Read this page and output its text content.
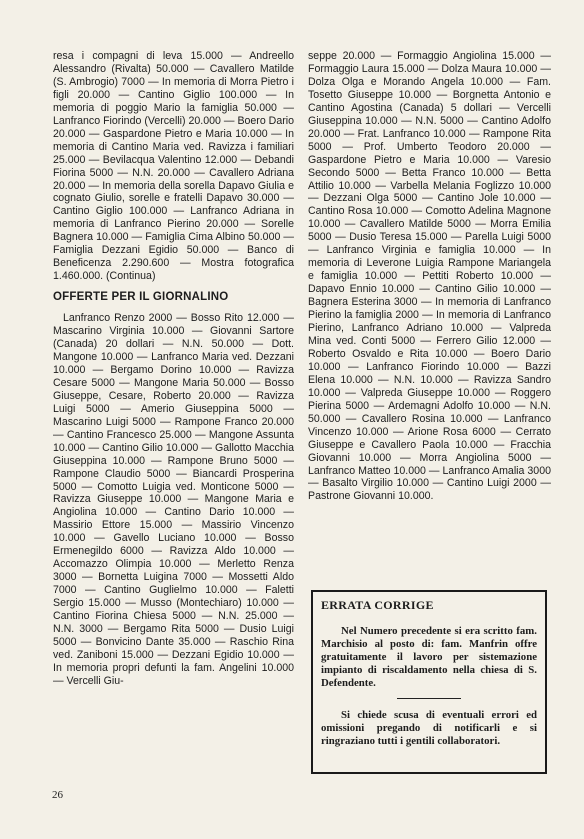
resa i compagni di leva 15.000 — Andreello Alessandro (Rivalta) 50.000 — Cavallero Matilde (S. Ambrogio) 7000 — In memoria di Morra Pietro i figli 20.000 — Cantino Giglio 100.000 — In memoria di poggio Mario la famiglia 50.000 — Lanfranco Fiorindo (Vercelli) 20.000 — Boero Dario 20.000 — Gaspardone Pietro e Maria 10.000 — In memoria di Cantino Maria ved. Ravizza i familiari 25.000 — Bevilacqua Valentino 12.000 — Debandi Fiorina 5000 — N.N. 20.000 — Cavallero Adriana 20.000 — In memoria della sorella Dapavo Giulia e cognato Giulio, sorelle e fratelli Dapavo 30.000 — Cantino Giglio 100.000 — Lanfranco Adriana in memoria di Lanfranco Pierino 20.000 — Sorelle Bagnera 10.000 — Famiglia Cima Albino 50.000 — Famiglia Dezzani Egidio 50.000 — Banco di Beneficenza 2.290.600 — Mostra fotografica 1.460.000. (Continua)

OFFERTE PER IL GIORNALINO

Lanfranco Renzo 2000 — Bosso Rito 12.000 — Mascarino Virginia 10.000 — Giovanni Sartore (Canada) 20 dollari — N.N. 50.000 — Dott. Mangone 10.000 — Lanfranco Maria ved. Dezzani 10.000 — Bergamo Dorino 10.000 — Ravizza Cesare 5000 — Mangone Maria 50.000 — Bosso Giuseppe, Cesare, Roberto 20.000 — Ravizza Luigi 5000 — Amerio Giuseppina 5000 — Mascarino Luigi 5000 — Rampone Franco 20.000 — Cantino Francesco 25.000 — Mangone Assunta 10.000 — Cantino Gilio 10.000 — Gallotto Macchia Giuseppina 10.000 — Rampone Bruno 5000 — Rampone Claudio 5000 — Biancardi Prosperina 5000 — Comotto Luigia ved. Monticone 5000 — Ravizza Giuseppe 10.000 — Mangone Maria e Angiolina 10.000 — Cantino Dario 10.000 — Massirio Ettore 15.000 — Massirio Vincenzo 10.000 — Gavello Luciano 10.000 — Bosso Ermenegildo 6000 — Ravizza Aldo 10.000 — Accomazzo Olimpia 10.000 — Merletto Renza 3000 — Bornetta Luigina 7000 — Mossetti Aldo 7000 — Cantino Guglielmo 10.000 — Faletti Sergio 15.000 — Musso (Montechiaro) 10.000 — Cantino Fiorina Chiesa 5000 — N.N. 25.000 — N.N. 3000 — Bergamo Rita 5000 — Dusio Luigi 5000 — Bonvicino Dante 35.000 — Raschio Rina ved. Zaniboni 15.000 — Dezzani Egidio 10.000 — In memoria propri defunti la fam. Angelini 10.000 — Vercelli Giu-

seppe 20.000 — Formaggio Angiolina 15.000 — Formaggio Laura 15.000 — Dolza Maura 10.000 — Dolza Olga e Morando Angela 10.000 — Fam. Tosetto Giuseppe 10.000 — Borgnetta Antonio e Cantino Agostina (Canada) 5 dollari — Vercelli Giuseppina 10.000 — N.N. 5000 — Cantino Adolfo 20.000 — Frat. Lanfranco 10.000 — Rampone Rita 5000 — Prof. Umberto Teodoro 20.000 — Gaspardone Pietro e Maria 10.000 — Varesio Secondo 5000 — Betta Franco 10.000 — Betta Attilio 10.000 — Varbella Melania Foglizzo 10.000 — Dezzani Olga 5000 — Cantino Jole 10.000 — Cantino Rosa 10.000 — Comotto Adelina Magnone 10.000 — Cavallero Matilde 5000 — Morra Emilia 5000 — Dusio Teresa 15.000 — Parella Luigi 5000 — Lanfranco Virginia e famiglia 10.000 — In memoria di Leverone Luigia Rampone Mariangela e famiglia 10.000 — Pettiti Roberto 10.000 — Dapavo Ennio 10.000 — Cantino Gilio 10.000 — Bagnera Esterina 3000 — In memoria di Lanfranco Pierino la famiglia 2000 — In memoria di Lanfranco Pierino, Lanfranco Adriano 10.000 — Valpreda Mina ved. Conti 5000 — Ferrero Gilio 12.000 — Roberto Osvaldo e Rita 10.000 — Boero Dario 10.000 — Lanfranco Fiorindo 10.000 — Bazzi Elena 10.000 — N.N. 10.000 — Ravizza Sandro 10.000 — Valpreda Giuseppe 10.000 — Roggero Pierina 5000 — Ardemagni Adolfo 10.000 — N.N. 50.000 — Cavallero Rosina 10.000 — Lanfranco Vincenzo 10.000 — Arione Rosa 6000 — Cerrato Giuseppe e Cavallero Paola 10.000 — Fracchia Giovanni 10.000 — Morra Angiolina 5000 — Lanfranco Matteo 10.000 — Lanfranco Amalia 3000 — Basalto Virgilio 10.000 — Cantino Luigi 2000 — Pastrone Giovanni 10.000.

ERRATA CORRIGE

Nel Numero precedente si era scritto fam. Marchisio al posto di: fam. Manfrin offre gratuitamente il lavoro per sistemazione impianto di riscaldamento nella chiesa di S. Defendente.

Si chiede scusa di eventuali errori ed omissioni pregando di notificarli e si ringraziano tutti i gentili collaboratori.

26
